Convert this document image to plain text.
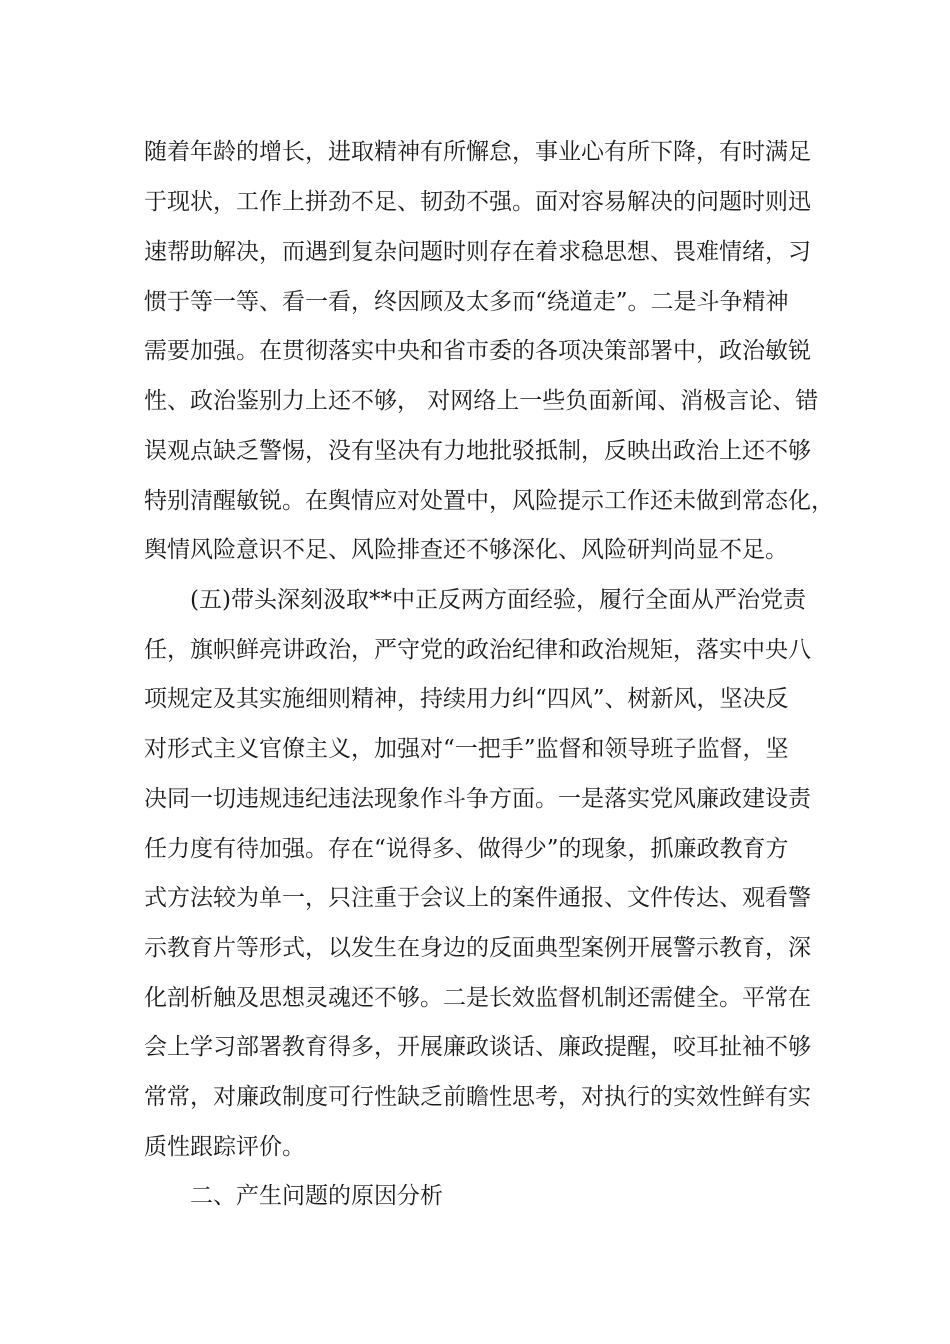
随着年龄的增长，进取精神有所懈怠，事业心有所下降，有时满足
于现状，工作上拼劲不足、韧劲不强。面对容易解决的问题时则迅
速帮助解决，而遇到复杂问题时则存在着求稳思想、畏难情绪，习
惯于等一等、看一看，终因顾及太多而“绕道走”。二是斗争精神
需要加强。在贯彻落实中央和省市委的各项决策部署中，政治敏锐
性、政治鉴别力上还不够， 对网络上一些负面新闻、消极言论、错
误观点缺乏警惕，没有坚决有力地批驳抵制，反映出政治上还不够
特别清醒敏锐。在舆情应对处置中，风险提示工作还未做到常态化，
舆情风险意识不足、风险排查还不够深化、风险研判尚显不足。
(五)带头深刻汲取**中正反两方面经验，履行全面从严治党责
任，旗帜鲜亮讲政治，严守党的政治纪律和政治规矩，落实中央八
项规定及其实施细则精神，持续用力纠“四风”、树新风，坚决反
对形式主义官僚主义，加强对“一把手”监督和领导班子监督，坚
决同一切违规违纪违法现象作斗争方面。一是落实党风廉政建设责
任力度有待加强。存在“说得多、做得少”的现象，抓廉政教育方
式方法较为单一，只注重于会议上的案件通报、文件传达、观看警
示教育片等形式，以发生在身边的反面典型案例开展警示教育，深
化剖析触及思想灵魂还不够。二是长效监督机制还需健全。平常在
会上学习部署教育得多，开展廉政谈话、廉政提醒，咬耳扯袖不够
常常，对廉政制度可行性缺乏前瞻性思考，对执行的实效性鲜有实
质性跟踪评价。
二、产生问题的原因分析
